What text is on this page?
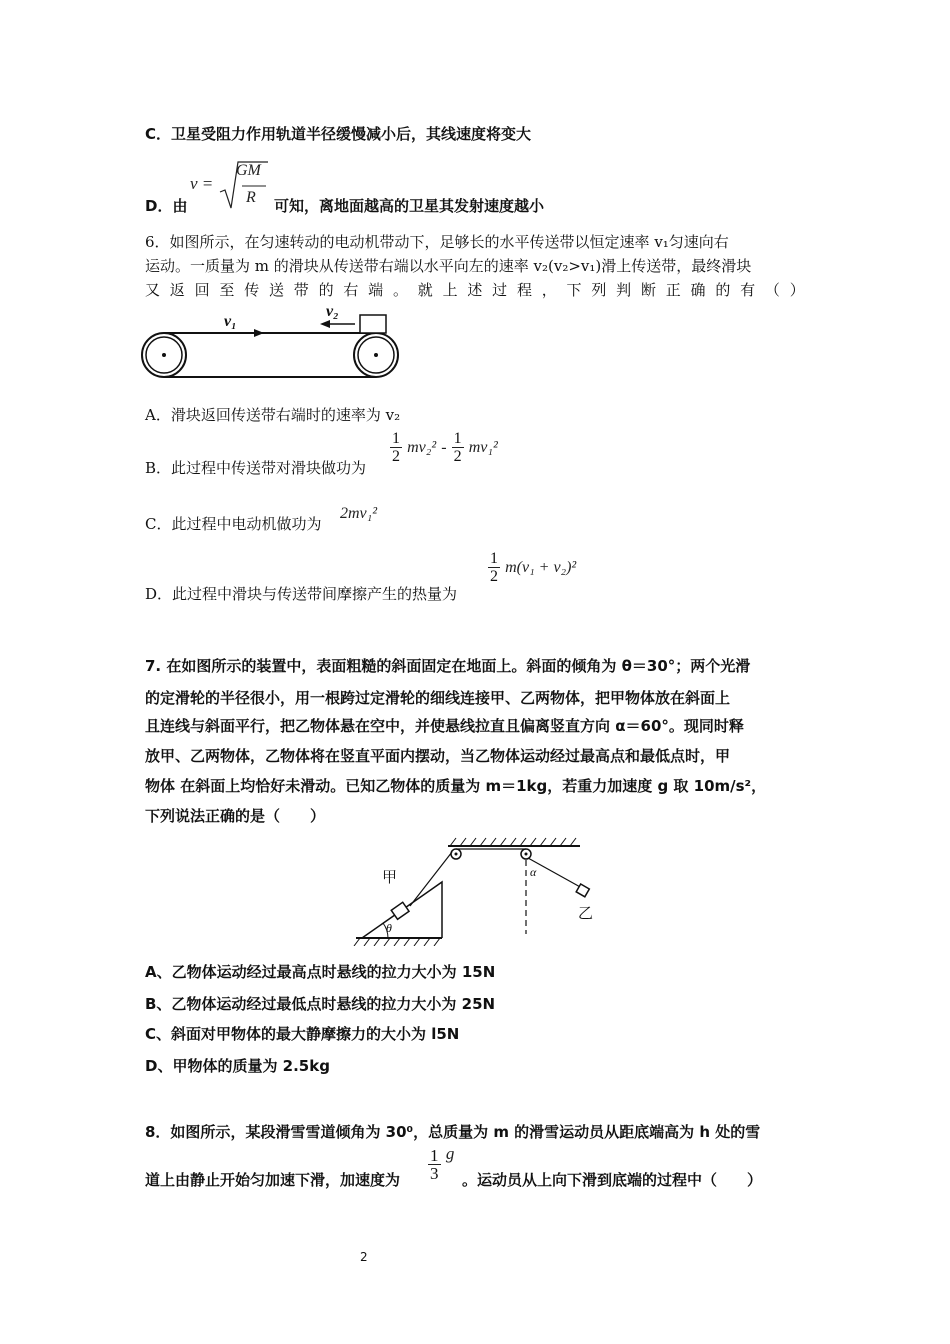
C．卫星受阻力作用轨道半径缓慢减小后，其线速度将变大
D．由
v =
GM
R 可知，离地面越高的卫星其发射速度越小
6．如图所示，在匀速转动的电动机带动下，足够长的水平传送带以恒定速率 v₁匀速向右
运动。一质量为 m 的滑块从传送带右端以水平向左的速率 v₂(v₂>v₁)滑上传送带，最终滑块
又 返 回 至 传 送 带 的 右 端 。 就 上 述 过 程 ， 下 列 判 断 正 确 的 有 （ ）
v₁
v₂
A．滑块返回传送带右端时的速率为 v₂
B．此过程中传送带对滑块做功为
$\frac{1}{2} mv_2^2 - \frac{1}{2} mv_1^2$
C．此过程中电动机做功为
2mv₁²
D．此过程中滑块与传送带间摩擦产生的热量为
$\frac{1}{2} m(v_1 + v_2)^2$
7. 在如图所示的装置中，表面粗糙的斜面固定在地面上。斜面的倾角为 θ＝30°；两个光滑
的定滑轮的半径很小，用一根跨过定滑轮的细线连接甲、乙两物体，把甲物体放在斜面上
且连线与斜面平行，把乙物体悬在空中，并使悬线拉直且偏离竖直方向 α＝60°。现同时释
放甲、乙两物体，乙物体将在竖直平面内摆动，当乙物体运动经过最高点和最低点时，甲
物体 在斜面上均恰好未滑动。已知乙物体的质量为 m＝1kg，若重力加速度 g 取 10m/s²，
下列说法正确的是（　　）
甲
乙
θ
α
A、乙物体运动经过最高点时悬线的拉力大小为 15N
B、乙物体运动经过最低点时悬线的拉力大小为 25N
C、斜面对甲物体的最大静摩擦力的大小为 l5N
D、甲物体的质量为 2.5kg
8．如图所示，某段滑雪雪道倾角为 30⁰，总质量为 m 的滑雪运动员从距底端高为 h 处的雪
道上由静止开始匀加速下滑，加速度为 $\frac{1}{3}$ g
。运动员从上向下滑到底端的过程中（　　）
2
